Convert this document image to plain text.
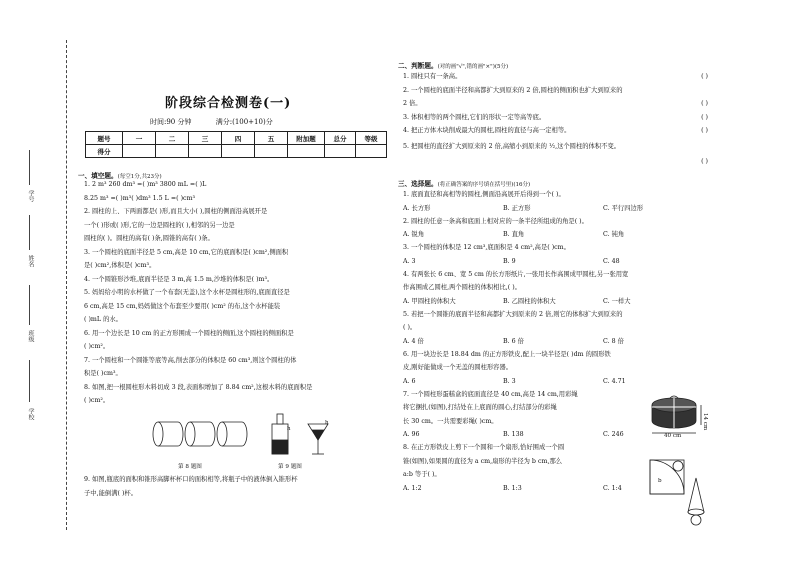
学号
姓名
班级
学校
阶段综合检测卷(一)
时间:90 分钟	满分:(100+10)分
题号	一	二	三	四	五	附加题	总分	等级
得分								
一、填空题。(每空1分,共23分)
1. 2 m³ 260 dm³ =( )m³ 3800 mL =( )L
8.25 m³ =( )m³( )dm³ 1.5 L =( )cm³
2. 圆柱的上、下两面都是( )形,而且大小( ),圆柱的侧面沿高展开是
一个( )形或( )形,它的一边是圆柱的( ),相邻的另一边是
圆柱的( )。圆柱的高有( )条,圆锥的高有( )条。
3. 一个圆柱的底面半径是 5 cm,高是 10 cm,它的底面积是( )cm²,侧面积
是( )cm²,体积是( )cm³。
4. 一个圆锥形沙堆,底面半径是 3 m,高 1.5 m,沙堆的体积是( )m³。
5. 妈妈给小明的水杯做了一个布套(无盖),这个水杯是圆柱形的,底面直径是
6 cm,高是 15 cm,妈妈做这个布套至少要用( )cm² 的布,这个水杯能装
( )mL 的水。
6. 用一个边长是 10 cm 的正方形围成一个圆柱的侧面,这个圆柱的侧面积是
( )cm²。
7. 一个圆柱和一个圆锥等底等高,削去部分的体积是 60 cm³,则这个圆柱的体
积是( )cm³。
8. 如图,把一根圆柱形木料切成 3 段,表面积增加了 8.84 cm²,这根木料的底面积是
( )cm²。
第 8 题图
h
h
第 9 题图
9. 如图,瓶底的面积和锥形高脚杯杯口的面积相等,将瓶子中的液体倒入锥形杯
子中,能倒满( )杯。
二、判断题。(对的画"√",错的画"×")(5分)
1. 圆柱只有一条高。	( )
2. 一个圆柱的底面半径和高都扩大到原来的 2 倍,圆柱的侧面积也扩大到原来的
2 倍。	( )
3. 体积相等的两个圆柱,它们的形状一定等高等底。	( )
4. 把正方体木块削成最大的圆柱,圆柱的直径与高一定相等。	( )
5. 把圆柱的直径扩大到原来的 2 倍,高缩小到原来的 ½,这个圆柱的体积不变。

( )
三、选择题。(将正确答案的序号填在括号里)(16分)
1. 底面直径和高相等的圆柱,侧面沿高展开后得到一个( )。
A. 长方形	B. 正方形	C. 平行四边形
2. 圆柱的任意一条高和底面上相对应的一条半径所组成的角是( )。
A. 锐角	B. 直角	C. 钝角
3. 一个圆柱的体积是 12 cm³,底面积是 4 cm²,高是( )cm。
A. 3	B. 9	C. 48
4. 有两张长 6 cm、宽 5 cm 的长方形纸片,一张用长作高围成甲圆柱,另一张用宽
作高围成乙圆柱,两个圆柱的体积相比,( )。
A. 甲圆柱的体积大	B. 乙圆柱的体积大	C. 一样大
5. 若把一个圆锥的底面半径和高都扩大到原来的 2 倍,则它的体积扩大到原来的
( )。
A. 4 倍	B. 6 倍	C. 8 倍
6. 用一块边长是 18.84 dm 的正方形铁皮,配上一块半径是( )dm 的圆形铁
皮,刚好能做成一个无盖的圆柱形容器。
A. 6	B. 3	C. 4.71
7. 一个圆柱形蛋糕盒的底面直径是 40 cm,高是 14 cm,用彩绳
将它捆扎(如图),打结处在上底面的圆心,打结部分的彩绳
长 30 cm。一共需要彩绳( )cm。
A. 96	B. 138	C. 246
8. 在正方形铁皮上剪下一个圆和一个扇形,恰好围成一个圆
锥(如图),如果圆的直径为 a cm,扇形的半径为 b cm,那么
a:b 等于( )。
A. 1:2	B. 1:3	C. 1:4
40 cm
14 cm
b
